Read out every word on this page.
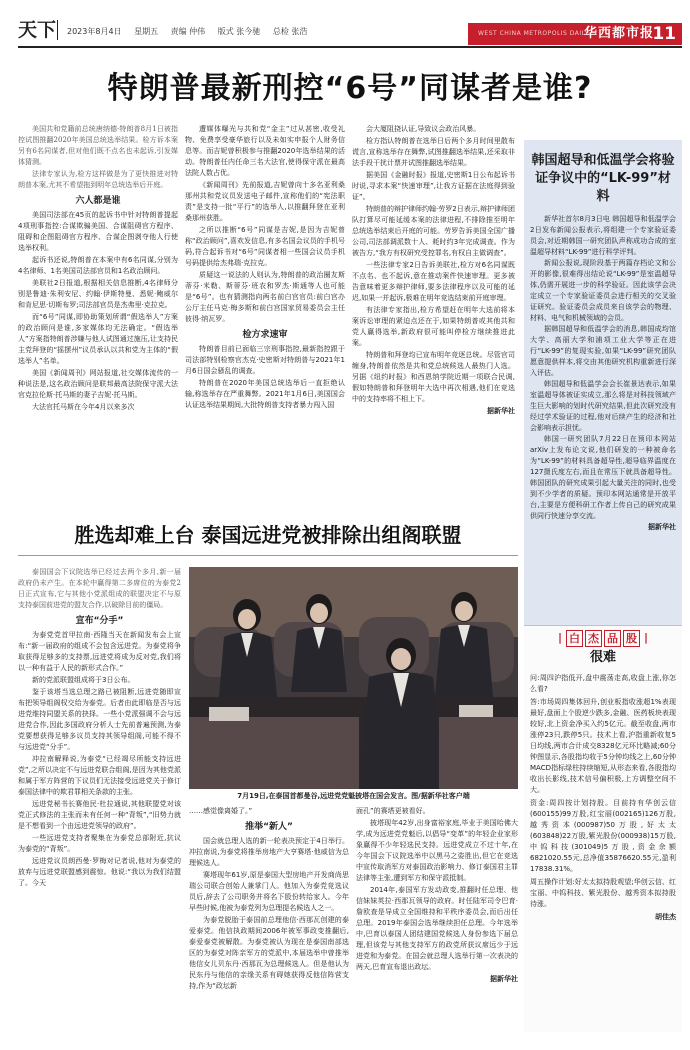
天下 2023年8月4日 星期五 责编 仲伟 版式 张今驰 总检 张浩	WEST CHINA METROPOLIS DAILY
华西都市报
11
特朗普最新刑控“6号”同谋者是谁?

美国共和党籍前总统唐纳德·特朗普8月1日被指控试图推翻2020年美国总统选举结果。检方诉本案另有6名同谋者,但对他们既不点名也未起诉,引发媒体猜测。

法律专家认为,检方这样做是为了更快推进对特朗普本案,尤其不希望拖到明年总统选举后开庭。

六人都是谁

美国司法部在45页的起诉书中针对特朗普提起4项刑事指控:合谋欺骗美国、合谋阻碍官方程序、阻碍和企图阻碍官方程序、合谋企图剥夺他人行使选举权利。

起诉书还说,特朗普在本案中有6名同谋,分别为4名律师、1名美国司法部官员和1名政治顾问。

美联社2日报道,根据相关信息推断,4名律师分别是鲁迪·朱利安尼、约翰·伊斯特曼、悉妮·鲍威尔和肯尼思·切斯布罗;司法部官员是杰弗里·克拉克。

而“6号”同谋,即协助策划所谓“假选举人”方案的政治顾问是谁,多家媒体均无法确定。“假选举人”方案指特朗普涉嫌与他人试图通过施压,让支持民主党拜登的“摇摆州”议员承认以共和党为主体的“假选举人”名单。

美国《新闻周刊》网站报道,社交媒体流传的一种说法是,这名政治顾问是联邦最高法院保守派大法官克拉伦斯·托马斯的妻子吉妮·托马斯。

大法官托马斯在今年4月以来多次

遭媒体曝光与共和党“金主”过从甚密,收受礼物、免费享受豪华旅行以及未如实申报个人财务信息等。而吉妮曾积极参与推翻2020年选举结果的活动。特朗普任内任命三名大法官,使得保守派在最高法院人数占优。

《新闻周刊》先前报道,吉妮曾向十多名亚利桑那州共和党议员发送电子邮件,宣称他们的“宪法职责”是支持一批“平行”的选举人,以推翻拜登在亚利桑那州获胜。

之所以推断“6号”同谋是吉妮,是因为吉妮曾称“政治顾问”,喜欢发信息,有多名国会议员的手机号码,符合起诉书对“6号”同谋者相一些国会议员手机号码提供给杰弗瑞·克拉克。

质疑这一说法的人则认为,特朗普的政治圈友斯蒂芬·米勒、斯蒂芬·班农和罗杰·斯通等人也可能是“6号”。也有猜测指向两名前白宫官员:前白宫办公厅主任马克·梅多斯和前白宫国家贸易委员会主任彼得·纳瓦罗。

检方求速审

特朗普目前已面临三宗刑事指控,最新指控跟于司法部特别检察官杰克·史密斯对特朗普与2021年1月6日国会骚乱的调查。

特朗普在2020年美国总统选举后一直拒绝认输,称选举存在严重舞弊。2021年1月6日,美国国会认证选举结果期间,大批特朗普支持者暴力闯入国

会大厦阻挠认证,导致议会政治风暴。

检方指认特朗普在选举日后两个多月时间里散布谎言,宣称选举存在舞弊,试图推翻选举结果,还采取非法手段干扰计票并试图推翻选举结果。

据美国《金融时报》报道,史密斯1日公布起诉书时说,寻求本案“快速审理”,让我方证据在法庭得到验证”。

特朗普的辩护律师约翰·劳罗2日表示,辩护律师团队打算尽可能延缓本案的法律进程,不排除推至明年总统选举结束后开庭的可能。劳罗告诉美国全国广播公司,司法部调派数十人、耗时约3年完成调查。作为被告方,“我方有权研究受控罪名,有权自主做调查”。

一些法律专家2日告诉美联社,检方对6名同谋既不点名、也不起诉,意在推动案件快速审理。更多被告意味着更多辩护律师,要多法律程序以及可能的延迟,如果一并起诉,极难在明年竞选结束前开庭审理。

有法律专家指出,检方希望赶在明年大选前将本案诉讼审理的紧迫点还在于,如果特朗普或其他共和党人赢得选举,新政府很可能叫停检方继续推进此案。

特朗普和拜登均已宣布明年竞逐总统。尽管官司缠身,特朗普依然是共和党总统候选人最热门人选。另据《纽约时报》和西恩纳学院近期一项联合民调,假如特朗普和拜登明年大选中再次相遇,他们在竞选中的支持率将不相上下。

据新华社

韩国超导和低温学会将验证争议中的“LK-99”材料

新华社首尔8月3日电 韩国超导和低温学会2日发布新闻公报表示,将组建一个专家验证委员会,对近期韩国一研究团队声称成功合成的室温超导材料“LK-99”进行科学评判。

新闻公报说,现阶段基于两篇存档论文和公开的影像,很难得出结论说“LK-99”是室温超导体,仍需开展进一步的科学验证。因此该学会决定成立一个专家验证委员会进行相关的交叉验证研究。验证委员会成员来自该学会的物理、材料、电气和机械领域的会员。

据韩国超导和低温学会的消息,韩国成均馆大学、高丽大学和浦项工业大学等正在进行“LK-99”的复现实验,如果“LK-99”研究团队愿意提供样本,将交由其他研究机构重新进行深入评估。

韩国超导和低温学会会长崔景达表示,如果室温超导体被证实成立,那么将是对科技领域产生巨大影响的划时代研究结果,但此次研究没有经过学术验证的过程,他对后续产生的经济和社会影响表示担忧。

韩国一研究团队7月22日在预印本网站arXiv上发布论文说,他们研发的一种被命名为“LK-99”的材料具备超导性,超导临界温度在127摄氏度左右,而且在常压下就具备超导性。韩国团队的研究成果引起大量关注的同时,也受到不少学者的质疑。预印本网站通常是开放平台,主要是方便科研工作者上传自己的研究成果供同行快速分享交流。

据新华社

| 白 杰 品 股 |
很难

问:周四沪指低开,盘中震荡走高,收盘上涨,你怎么看?

答:市场周四集体回升,创业板指收涨超1%表现最好,盘面上个股逆少跌多,金融、医药板块表现较好,北上资金净买入约5亿元。截至收盘,两市涨停23只,跌停5只。技术上看,沪指重新收复5日均线,两市合计成交8328亿元环比略减;60分钟图显示,各股指均收于5分钟均线之上,60分钟MACD指标绿柱持续缩短,从形态来看,各股指均收出长影线,技术信号偏积极,上方调整空间不大。

资金:周四按计划持股。目前持有华创云信(600155)99万股,红宝丽(002165)126万股,越秀资本(000987)50万股,好太太(603848)22万股,紫光股份(000938)15万股,中钨科技(301049)5万股,资金余额6821020.55元,总净值35876620.55元,盈利17838.31%。

周五操作计划:好太太拟持股观望;华创云信、红宝丽、中钨科技、紫光股份、越秀资本拟持股待涨。

胡佳杰

胜选却难上台 泰国远进党被排除出组阁联盟

泰国国会下议院选举已经过去两个多月,新一届政府仍未产生。在本轮中赢得第二多席位的为泰党2日正式宣布,它与其他小党派组成的联盟决定不与原支持泰国前进党的盟友合作,以破除目前的僵局。

宣布“分手”

为泰党党首甲拉南·西隆当天在新闻发布会上宣布:“新一届政府的组成不会包含远进党。为泰党将争取获得足够多的支持票,远进党将成为反对党,我们将以一种有益于人民的新形式合作。”

新的党派联盟组成将于3日公布。

鉴于该塔当选总理之路已被阻断,远进党随即宣布把领导组阁权交给为泰党。后者由此即临是否与远进党维持同盟关系的抉择。一些小党派强调不会与远进党合作,因此多国政府分析人士先前普遍预测,为泰党要想获得足够多议员支持其领导组阁,可能不得不与远进党“分手”。

冲拉南解释说,为泰党“已经竭尽所能支持远进党”,之所以决定不与远进党联合组阁,是因为其他党派和属于军方阵营的下议员们无法接受远进党关于修订泰国法律中的欺君罪相关条款的主张。

远进党秘书长赛他民·杜拉通说,其他联盟党对该党正式修法的主张而未有任何一种“背叛”,“旧势力就是不想看到一个由远进党领导的政府”。

一些远进党支持者聚集在为泰党总部附近,抗议为泰党的“背叛”。

远进党议员朗西曼·罗梅对记者说,他对为泰党的放弃与远进党联盟感到震惊。他说:“我以为我们结盟了。今天

7月19日,在泰国首都曼谷,远进党党魁披塔在国会发言。图/据新华社客户端

……感觉像离婚了。”

推举“新人”

国会就总理人选的新一轮表决预定于4日举行。冲拉南说,为泰党将推举房地产大亨赛塔·他威信为总理候选人。

赛塔现年61岁,原是泰国大型房地产开发商尚思瑞公司联合创始人兼掌门人。他加入为泰党竞选议员后,辞去了公司职务并将名下股份转给家人。今年早些时候,他被为泰党列为总理提名候选人之一。

为泰党脱胎于泰国前总理他信·西那瓦创建的泰爱泰党。他信执政期间2006年被军事政变推翻后,泰爱泰党被解散。为泰党被认为现在是泰国南部选区的为泰党对阵亲军方的党派中,本届选举中曾推举他信女儿贝东丹·西那瓦为总理候选人。但是他认为民东丹与他信的亲缘关系有碍她获得反他信阵营支持,作为“政坛新

面孔”的赛塔更被看好。

披塔现年42岁,出身富裕家庭,毕业于美国哈佛大学,成为远进党党魁后,以倡导“变革”的年轻企业家形象赢得不少年轻选民支持。远进党成立不过十年,在今年国会下议院选举中以黑马之姿胜出,但它在竞选中宣传取消军方对泰国政治影响力、修订泰国君主罪法律等主张,遭到军方和保守派抵制。

2014年,泰国军方发动政变,推翻时任总理、他信妹妹英拉·西那瓦领导的政府。时任陆军司令巴育·詹欧查是导成立全国维持和平秩序委员会,而后出任总理。2019年泰国会选举继续担任总理。今年选举中,巴育以泰国人团结建国党候选人身份参选下届总理,但该党与其他支持军方的政党所获议席远少于远进党和为泰党。在国会就总理人选举行第一次表决的两天,巴育宣布退出政坛。

据新华社
